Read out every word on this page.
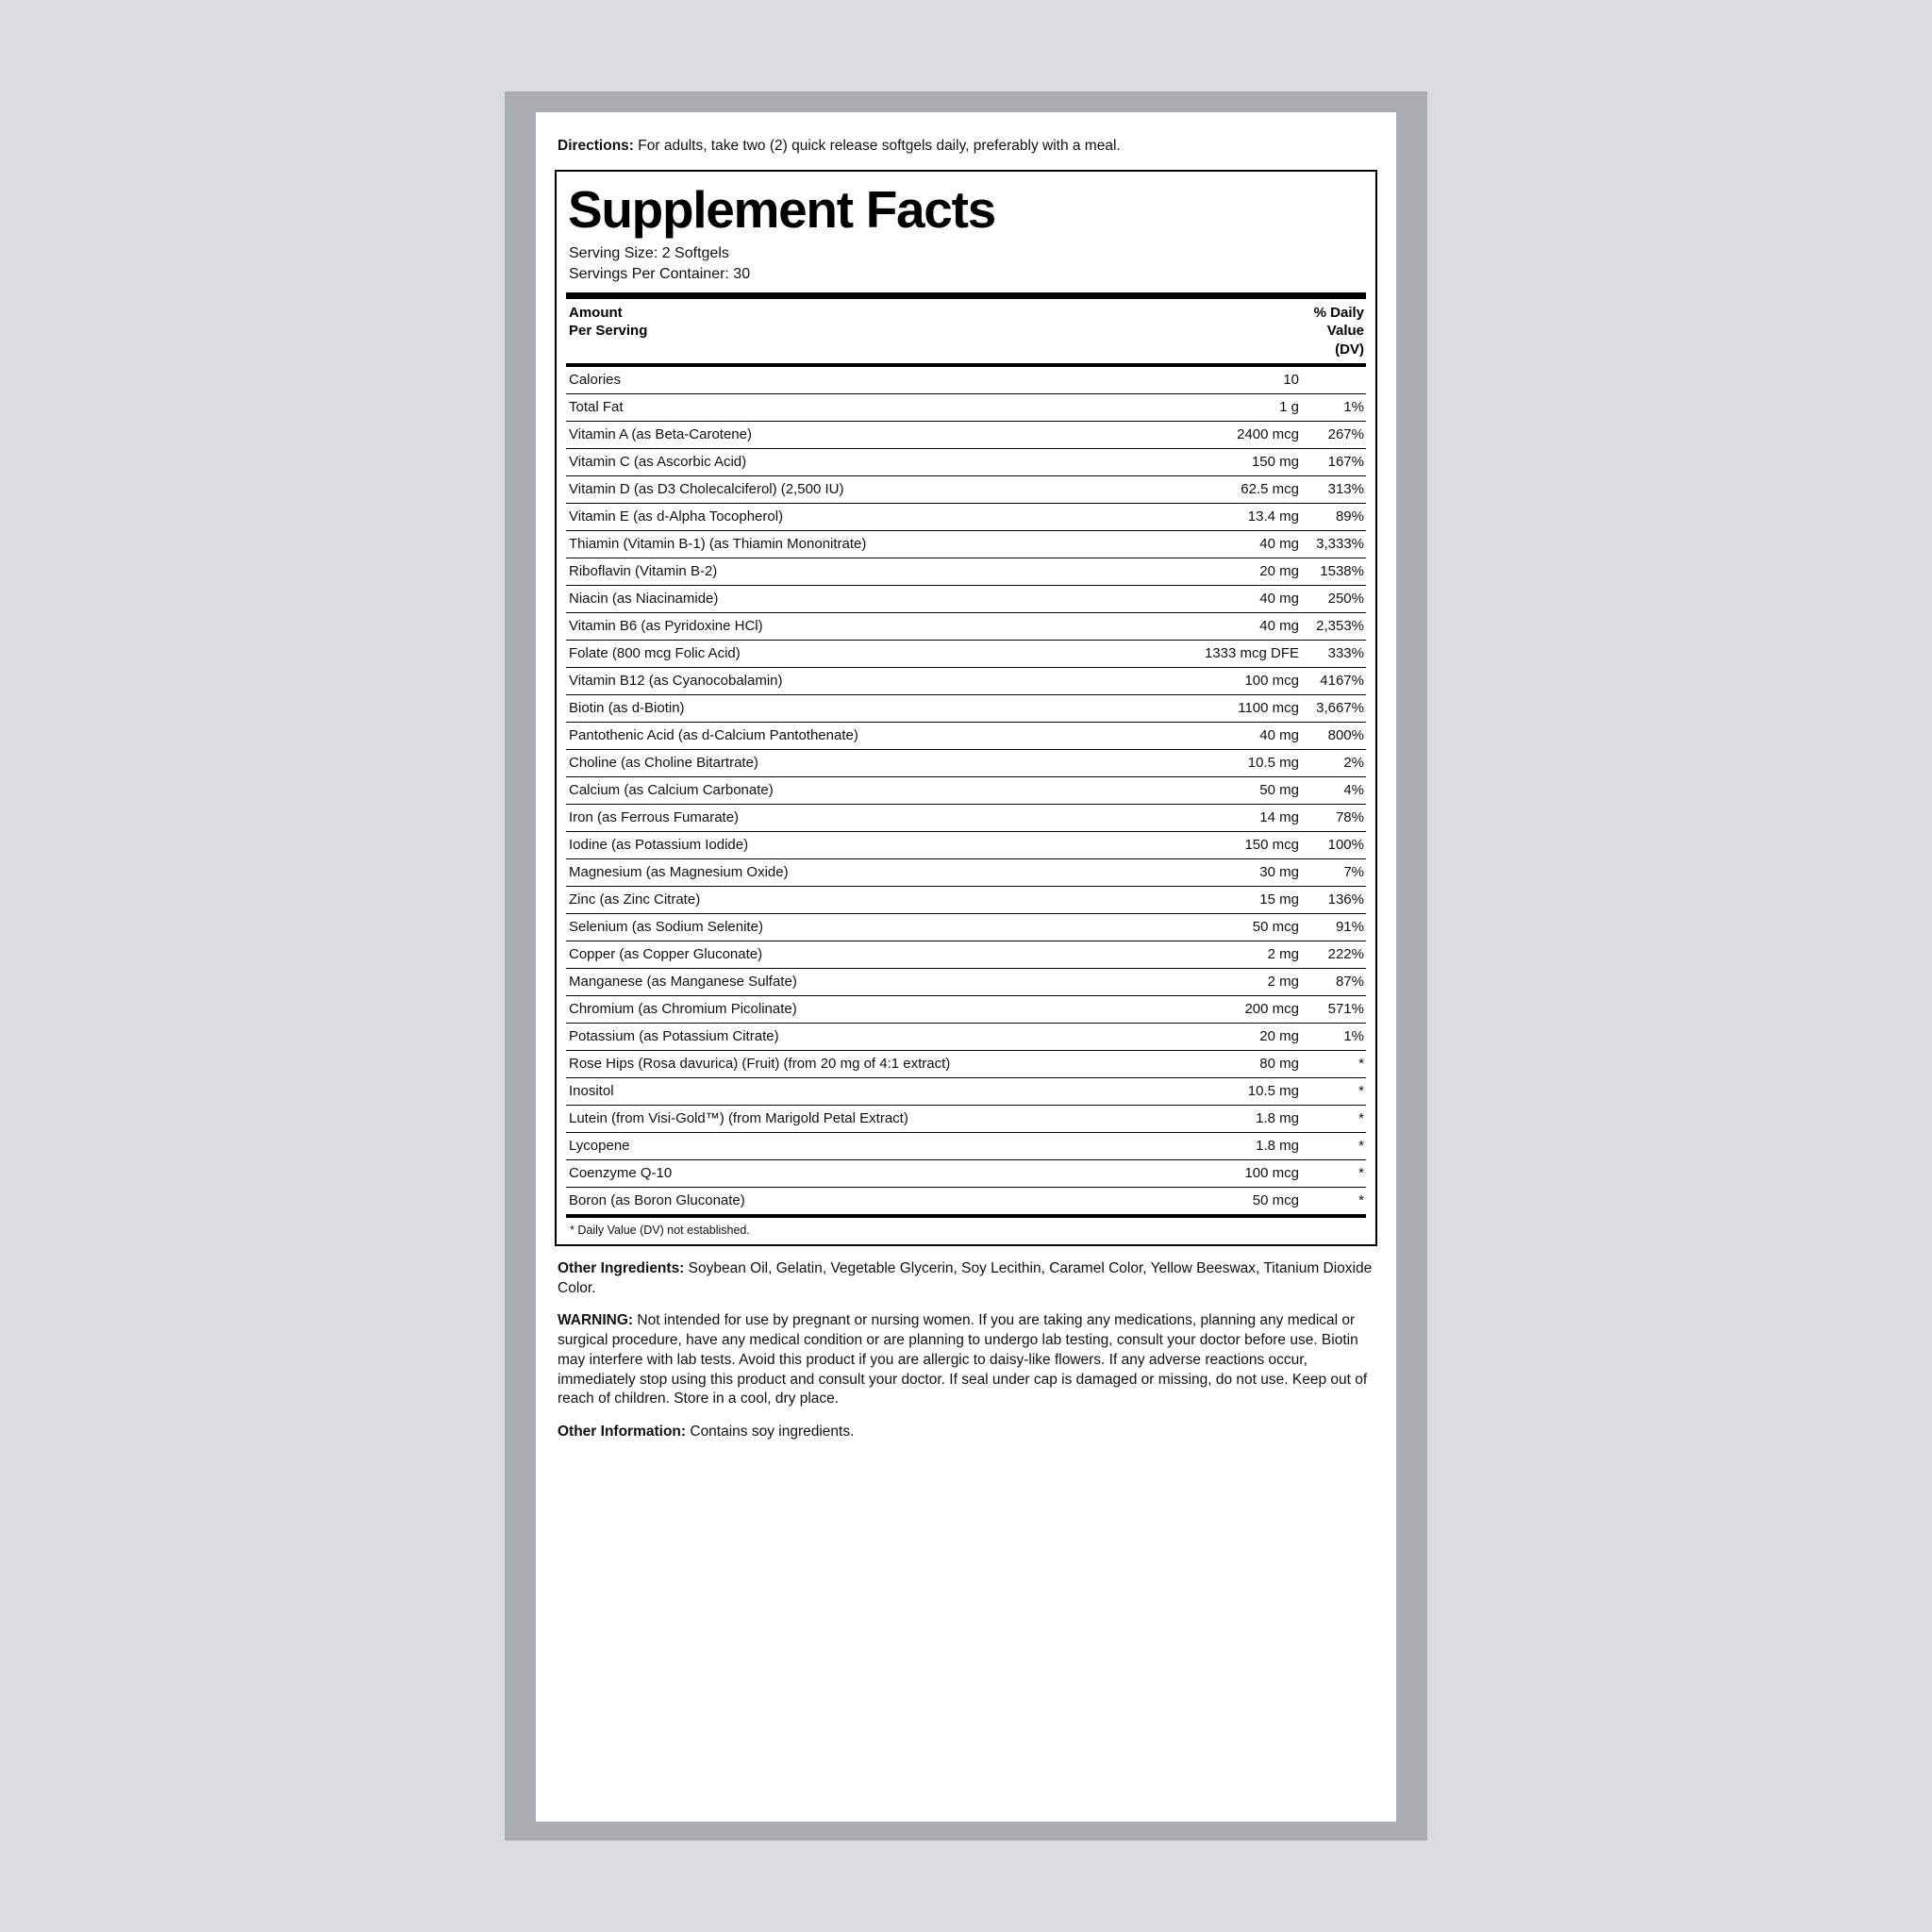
Directions: For adults, take two (2) quick release softgels daily, preferably with a meal.
Supplement Facts
Serving Size: 2 Softgels
Servings Per Container: 30
Amount
Per Serving
% Daily
Value
(DV)
Calories	10	
Total Fat	1 g	1%
Vitamin A (as Beta-Carotene)	2400 mcg	267%
Vitamin C (as Ascorbic Acid)	150 mg	167%
Vitamin D (as D3 Cholecalciferol) (2,500 IU)	62.5 mcg	313%
Vitamin E (as d-Alpha Tocopherol)	13.4 mg	89%
Thiamin (Vitamin B-1) (as Thiamin Mononitrate)	40 mg	3,333%
Riboflavin (Vitamin B-2)	20 mg	1538%
Niacin (as Niacinamide)	40 mg	250%
Vitamin B6 (as Pyridoxine HCl)	40 mg	2,353%
Folate (800 mcg Folic Acid)	1333 mcg DFE	333%
Vitamin B12 (as Cyanocobalamin)	100 mcg	4167%
Biotin (as d-Biotin)	1100 mcg	3,667%
Pantothenic Acid (as d-Calcium Pantothenate)	40 mg	800%
Choline (as Choline Bitartrate)	10.5 mg	2%
Calcium (as Calcium Carbonate)	50 mg	4%
Iron (as Ferrous Fumarate)	14 mg	78%
Iodine (as Potassium Iodide)	150 mcg	100%
Magnesium (as Magnesium Oxide)	30 mg	7%
Zinc (as Zinc Citrate)	15 mg	136%
Selenium (as Sodium Selenite)	50 mcg	91%
Copper (as Copper Gluconate)	2 mg	222%
Manganese (as Manganese Sulfate)	2 mg	87%
Chromium (as Chromium Picolinate)	200 mcg	571%
Potassium (as Potassium Citrate)	20 mg	1%
Rose Hips (Rosa davurica) (Fruit) (from 20 mg of 4:1 extract)	80 mg	*
Inositol	10.5 mg	*
Lutein (from Visi-Gold™) (from Marigold Petal Extract)	1.8 mg	*
Lycopene	1.8 mg	*
Coenzyme Q-10	100 mcg	*
Boron (as Boron Gluconate)	50 mcg	*
* Daily Value (DV) not established.

Other Ingredients: Soybean Oil, Gelatin, Vegetable Glycerin, Soy Lecithin, Caramel Color, Yellow Beeswax, Titanium Dioxide Color.

WARNING: Not intended for use by pregnant or nursing women. If you are taking any medications, planning any medical or surgical procedure, have any medical condition or are planning to undergo lab testing, consult your doctor before use. Biotin may interfere with lab tests. Avoid this product if you are allergic to daisy-like flowers. If any adverse reactions occur, immediately stop using this product and consult your doctor. If seal under cap is damaged or missing, do not use. Keep out of reach of children. Store in a cool, dry place.

Other Information: Contains soy ingredients.
